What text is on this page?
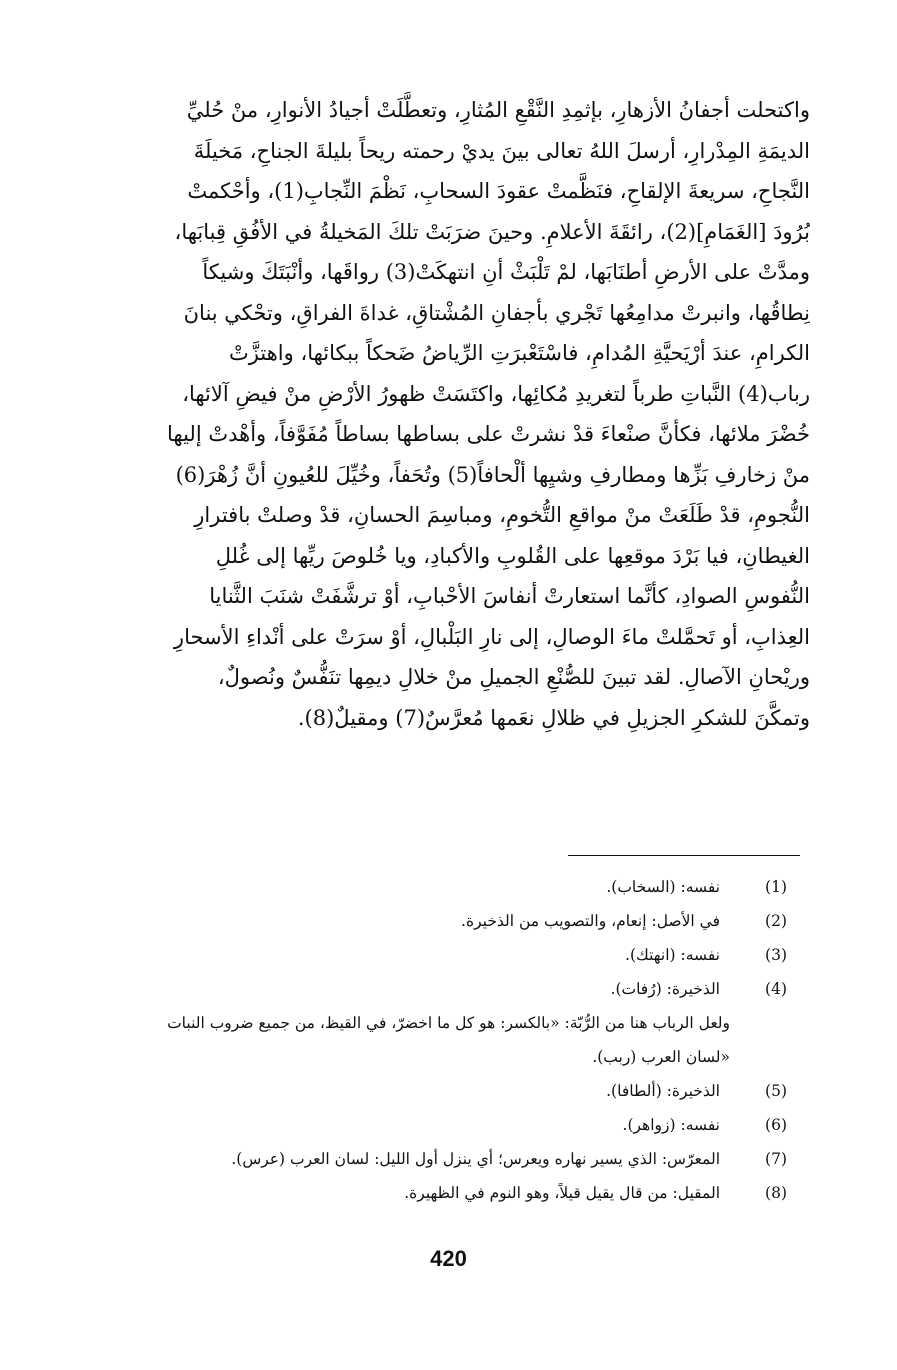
واكتحلت أجفانُ الأزهارِ، بإثمِدِ النَّقْعِ المُثارِ، وتعطَّلَتْ أجيادُ الأنوارِ، منْ حُليِّ
الديمَةِ المِدْرارِ، أرسلَ اللهُ تعالى بينَ يديْ رحمته ريحاً بليلةَ الجناحِ، مَخيلَةَ
النَّجاحِ، سريعةَ الإلقاحِ، فنَظَّمتْ عقودَ السحابِ، نَظْمَ النِّجابِ(1)، وأحْكمتْ
بُرُودَ [الغَمَامِ](2)، رائقَةَ الأعلامِ. وحينَ ضرَبَتْ تلكَ المَخيلةُ في الأفُقِ قِبابَها،
ومدَّتْ على الأرضِ أطنَابَها، لمْ تَلْبَثْ أنِ انتهكَتْ(3) رواقَها، وأنْبَتَكَ وشيكاً
نِطاقُها، وانبرتْ مدامِعُها تَجْري بأجفانِ المُشْتاقِ، غداةَ الفراقِ، وتحْكي بنانَ
الكرامِ، عندَ أرْيَحيَّةِ المُدامِ، فاسْتَعْبرَتِ الرِّياضُ ضَحكاً ببكائها، واهتزَّتْ
رباب(4) النَّباتِ طرباً لتغريدِ مُكائِها، واكتَسَتْ ظهورُ الأرْضِ منْ فيضِ آلائها،
خُضْرَ ملائها، فكأنَّ صنْعاءَ قدْ نشرتْ على بساطها بساطاً مُفَوَّفاً، وأهْدتْ إليها
منْ زخارفِ بَزِّها ومطارفِ وشيِها ألْحافاً(5) وتُحَفاً، وخُيِّلَ للعُيونِ أنَّ زُهْرَ(6)
النُّجومِ، قدْ طَلَعَتْ منْ مواقعِ التُّخومِ، ومباسِمَ الحسانِ، قدْ وصلتْ بافترارِ
الغيطانِ، فيا بَرْدَ موقعِها على القُلوبِ والأكبادِ، ويا خُلوصَ ريِّها إلى غُللِ
النُّفوسِ الصوادِ، كأنَّما استعارتْ أنفاسَ الأحْبابِ، أوْ ترشَّفَتْ شنَبَ الثَّنايا
العِذابِ، أو تَحمَّلتْ ماءَ الوصالِ، إلى نارِ البَلْبالِ، أوْ سرَتْ على أنْداءِ الأسحارِ
وريْحانِ الآصالِ. لقد تبينَ للصُّنْعِ الجميلِ منْ خلالِ ديمِها تنَفُّسٌ ونُصولٌ،
وتمكَّنَ للشكرِ الجزيلِ في ظلالِ نعَمها مُعرَّسٌ(7) ومقيلٌ(8).
(1)
نفسه: (السخاب).
(2)
في الأصل: إنعام، والتصويب من الذخيرة.
(3)
نفسه: (انهتك).
(4)
الذخيرة: (رُفات).
ولعل الرباب هنا من الرُّبّة: «بالكسر: هو كل ما اخضرّ، في القيظ، من جميع ضروب النبات
«لسان العرب (ربب).
(5)
الذخيرة: (ألطافا).
(6)
نفسه: (زواهر).
(7)
المعرّس: الذي يسير نهاره ويعرس؛ أي ينزل أول الليل: لسان العرب (عرس).
(8)
المقيل: من قال يقيل قيلاً، وهو النوم في الظهيرة.
420
